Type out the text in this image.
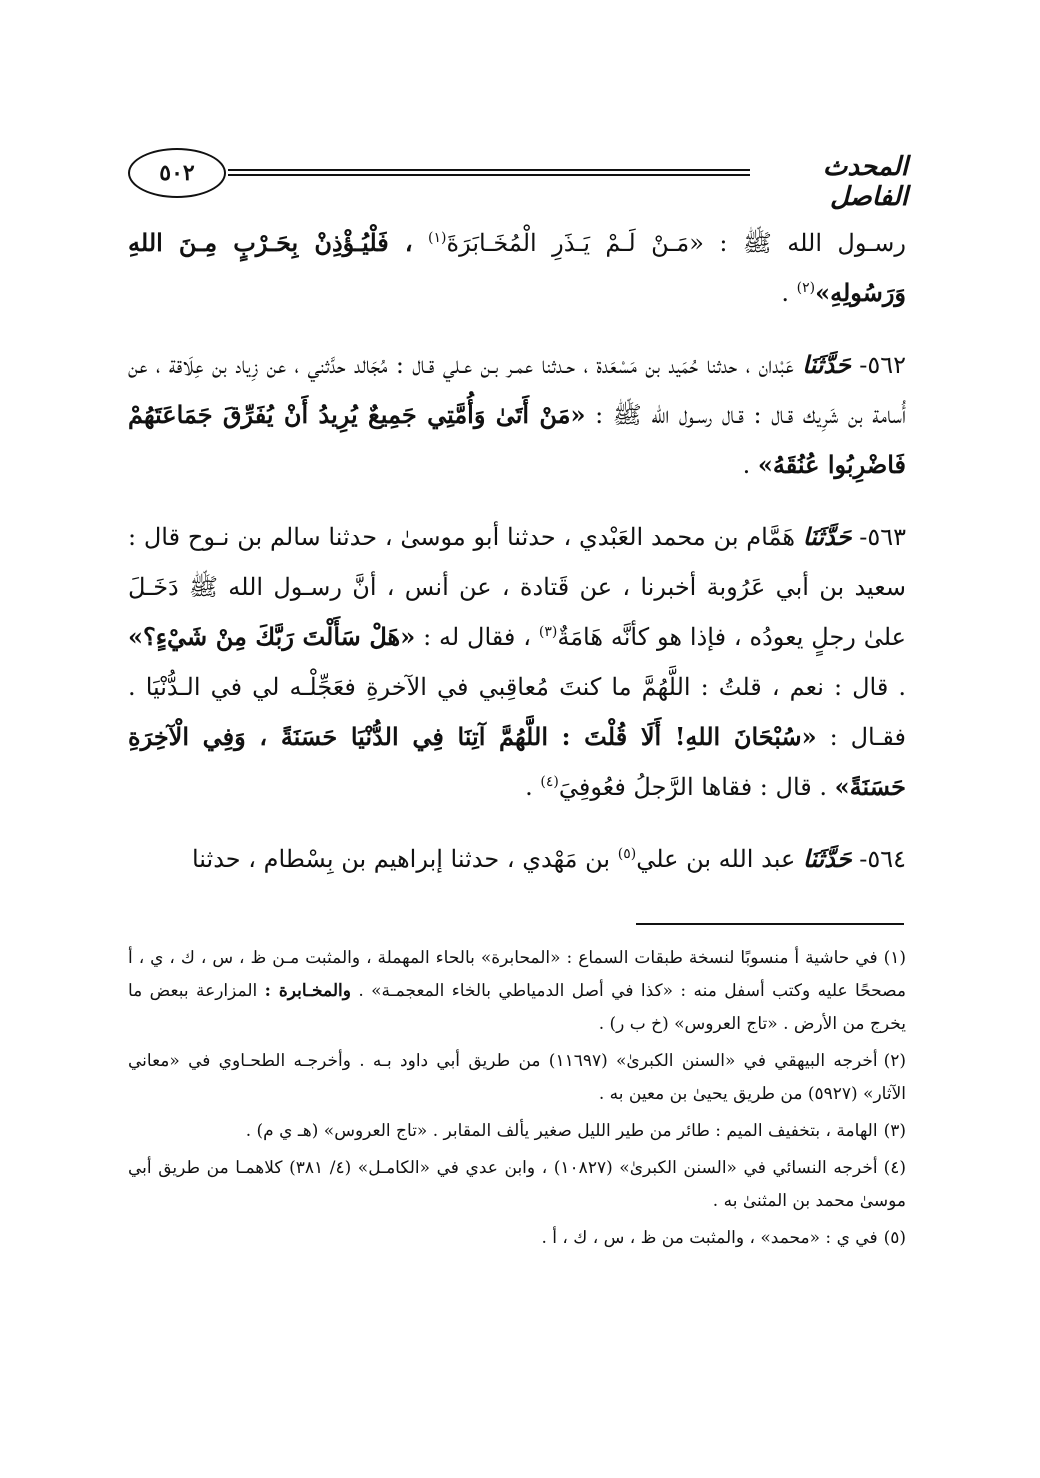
٥٠٢	المحدث الفاصل

رسـول الله ﷺ : «مَـنْ لَـمْ يَـذَرِ الْمُخَـابَرَةَ$^{(١)}$ ، فَلْيُـؤْذِنْ بِحَـرْبٍ مِـنَ اللهِ وَرَسُولِهِ»$^{(٢)}$ .

٥٦٢- حَدَّثَنَا عَبْدان ، حدثنا حُمَيد بن مَسْعَدة ، حـدثنا عمـر بـن عـلي قـال : مُجَالد حدَّثني ، عن زِياد بن عِلَاقة ، عن أُسامة بن شَرِيك قـال : قـال رسـول الله ﷺ : «مَنْ أَتَىٰ وَأُمَّتِي جَمِيعٌ يُرِيدُ أَنْ يُفَرِّقَ جَمَاعَتَهُمْ فَاضْرِبُوا عُنُقَهُ» .

٥٦٣- حَدَّثَنَا هَمَّام بن محمد العَبْدي ، حدثنا أبو موسىٰ ، حدثنا سالم بن نـوح قال : سعيد بن أبي عَرُوبة أخبرنا ، عن قَتادة ، عن أنس ، أنَّ رسـول الله ﷺ دَخَـلَ علىٰ رجلٍ يعودُه ، فإذا هو كأنَّه هَامَةٌ$^{(٣)}$ ، فقال له : «هَلْ سَأَلْتَ رَبَّكَ مِنْ شَيْءٍ؟» . قال : نعم ، قلتُ : اللَّهُمَّ ما كنتَ مُعاقِبي في الآخرةِ فعَجِّلْـه لي في الـدُّنْيَا . فقـال : «سُبْحَانَ اللهِ! أَلَا قُلْتَ : اللَّهُمَّ آتِنَا فِي الدُّنْيَا حَسَنَةً ، وَفِي الْآخِرَةِ حَسَنَةً» . قال : فقاها الرَّجلُ فعُوفِيَ$^{(٤)}$ .

٥٦٤- حَدَّثَنَا عبد الله بن علي$^{(٥)}$ بن مَهْدي ، حدثنا إبراهيم بن بِسْطام ، حدثنا

(١)في حاشية أ منسوبًا لنسخة طبقات السماع : «المحابرة» بالحاء المهملة ، والمثبت مـن ظ ، س ، ك ، ي ، أ مصححًا عليه وكتب أسفل منه : «كذا في أصل الدمياطي بالخاء المعجمـة» . والمخـابرة : المزارعة ببعض ما يخرج من الأرض . «تاج العروس» (خ ب ر) .

(٢)أخرجه البيهقي في «السنن الكبرىٰ» (١١٦٩٧) من طريق أبي داود بـه . وأخرجـه الطحـاوي في «معاني الآثار» (٥٩٢٧) من طريق يحيىٰ بن معين به .

(٣)الهامة ، بتخفيف الميم : طائر من طير الليل صغير يألف المقابر . «تاج العروس» (هـ ي م) .

(٤)أخرجه النسائي في «السنن الكبرىٰ» (١٠٨٢٧) ، وابن عدي في «الكامـل» (٤/ ٣٨١) كلاهمـا من طريق أبي موسىٰ محمد بن المثنىٰ به .

(٥)في ي : «محمد» ، والمثبت من ظ ، س ، ك ، أ .
